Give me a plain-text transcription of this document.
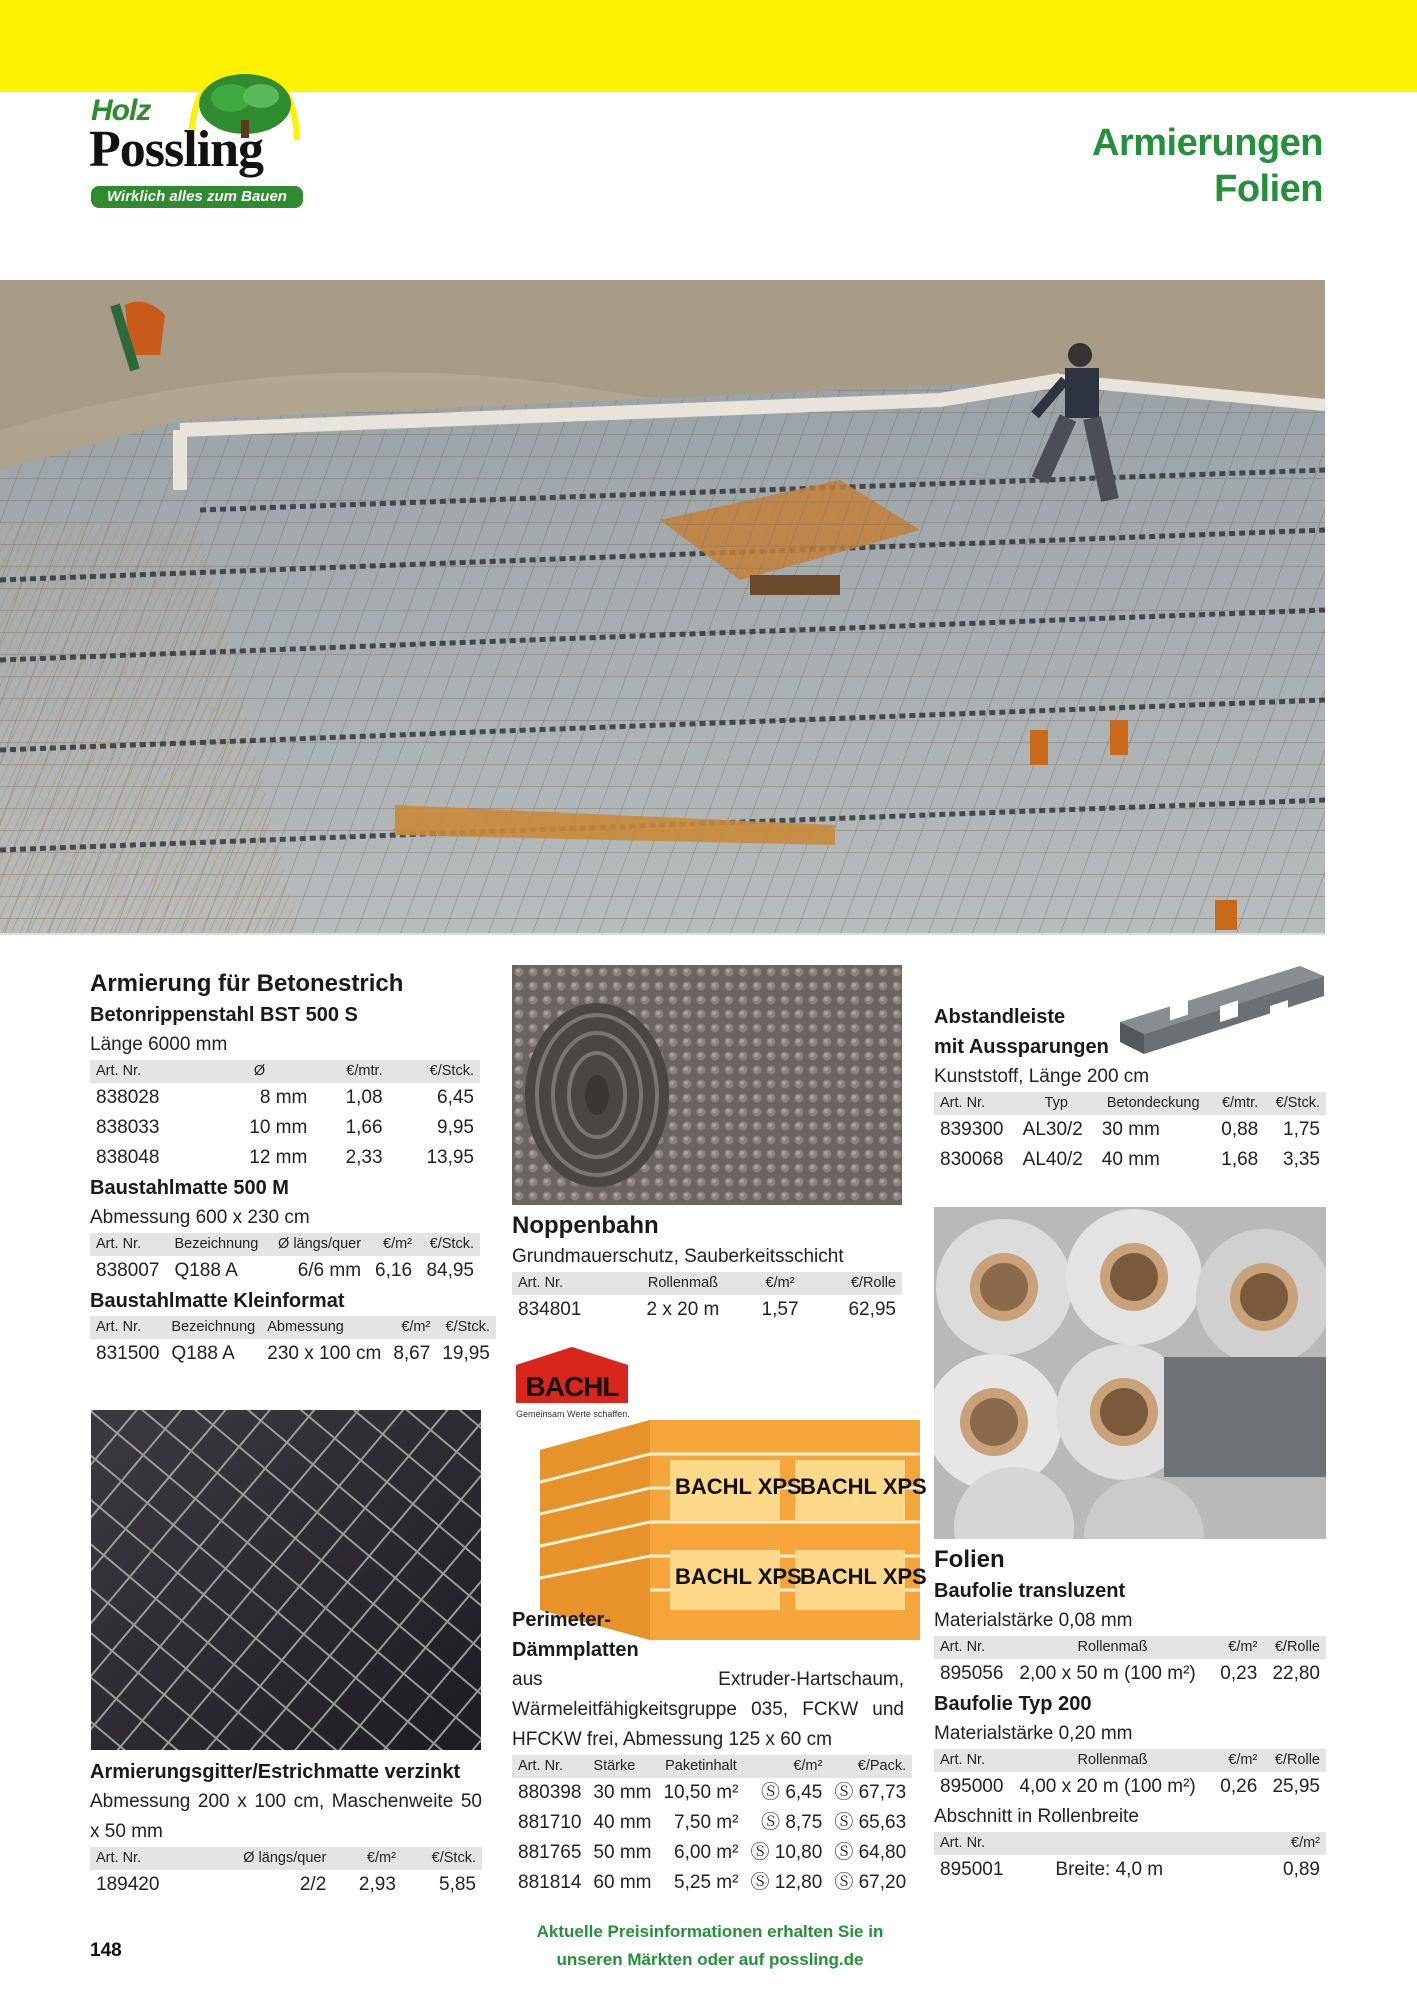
Holz
Possling
Wirklich alles zum Bauen
Armierungen
Folien
Armierung für Betonestrich
Betonrippenstahl BST 500 S
Länge 6000 mm
Art. Nr.	Ø	€/mtr.	€/Stck.
838028	8 mm	1,08	6,45
838033	10 mm	1,66	9,95
838048	12 mm	2,33	13,95
Baustahlmatte 500 M
Abmessung 600 x 230 cm
Art. Nr.	Bezeichnung	Ø längs/quer	€/m²	€/Stck.
838007	Q188 A	6/6 mm	6,16	84,95
Baustahlmatte Kleinformat
Art. Nr.	Bezeichnung	Abmessung	€/m²	€/Stck.
831500	Q188 A	230 x 100 cm	8,67	19,95
Armierungsgitter/Estrichmatte verzinkt
Abmessung 200 x 100 cm, Maschenweite 50 x 50 mm
Art. Nr.	Ø längs/quer	€/m²	€/Stck.
189420	2/2	2,93	5,85
Noppenbahn
Grundmauerschutz, Sauberkeitsschicht
Art. Nr.	Rollenmaß	€/m²	€/Rolle
834801	2 x 20 m	1,57	62,95
BACHL
Gemeinsam Werte schaffen.
BACHL XPS
BACHL XPS
BACHL XPS
BACHL XPS
Perimeter-
Dämmplatten
aus Extruder-Hartschaum, Wärmeleitfähigkeitsgruppe 035, FCKW und HFCKW frei, Abmessung 125 x 60 cm
Art. Nr.	Stärke	Paketinhalt	€/m²	€/Pack.
880398	30 mm	10,50 m²	Ⓢ 6,45	Ⓢ 67,73
881710	40 mm	7,50 m²	Ⓢ 8,75	Ⓢ 65,63
881765	50 mm	6,00 m²	Ⓢ 10,80	Ⓢ 64,80
881814	60 mm	5,25 m²	Ⓢ 12,80	Ⓢ 67,20
Abstandleiste
mit Aussparungen
Kunststoff, Länge 200 cm
Art. Nr.	Typ	Betondeckung	€/mtr.	€/Stck.
839300	AL30/2	30 mm	0,88	1,75
830068	AL40/2	40 mm	1,68	3,35
Folien
Baufolie transluzent
Materialstärke 0,08 mm
Art. Nr.	Rollenmaß	€/m²	€/Rolle
895056	2,00 x 50 m (100 m²)	0,23	22,80
Baufolie Typ 200
Materialstärke 0,20 mm
Art. Nr.	Rollenmaß	€/m²	€/Rolle
895000	4,00 x 20 m (100 m²)	0,26	25,95
Abschnitt in Rollenbreite
Art. Nr.			€/m²
895001	Breite: 4,0 m		0,89
Aktuelle Preisinformationen erhalten Sie in
unseren Märkten oder auf possling.de
148
